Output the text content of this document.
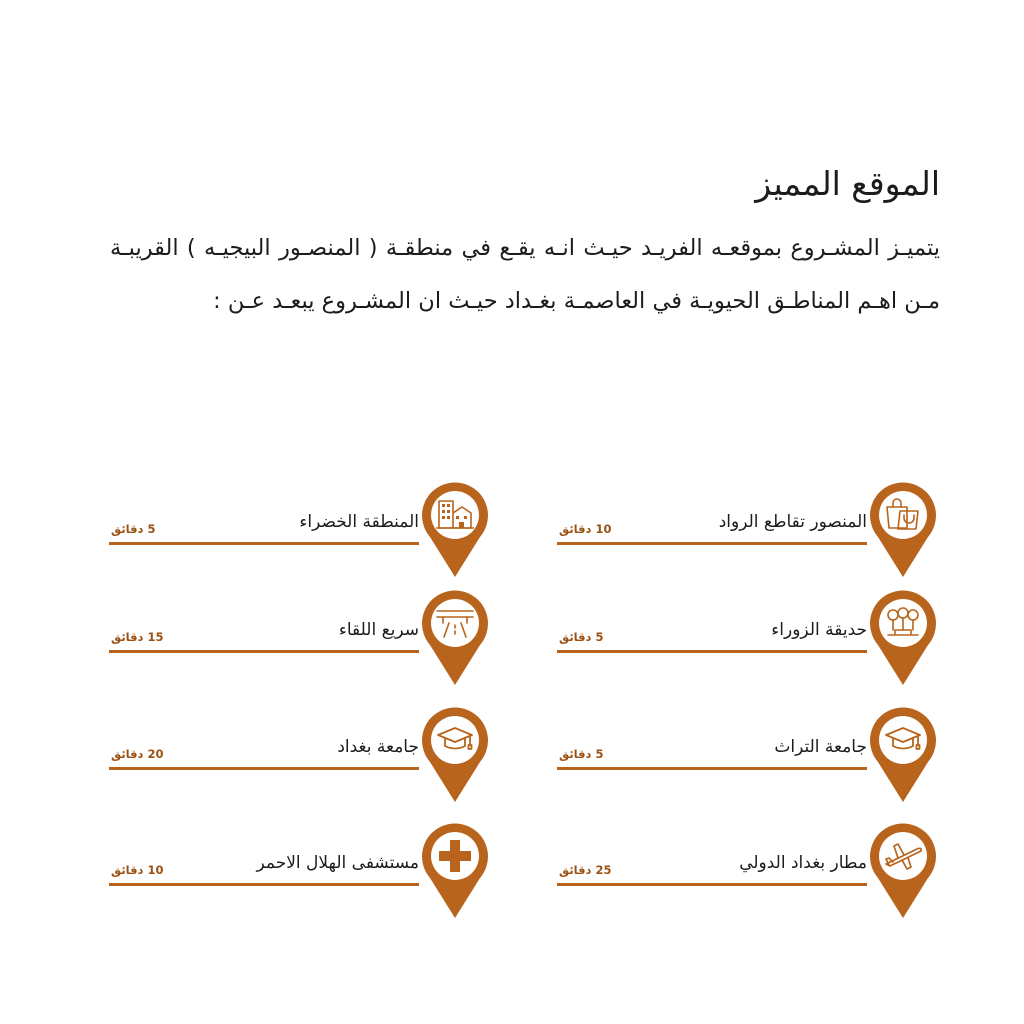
الموقع المميز

يتميـز المشـروع بموقعـه الفريـد حيـث انـه يقـع في منطقـة ( المنصـور البيجيـه ) القريبـة مـن اهـم المناطـق الحيويـة في العاصمـة بغـداد حيـث ان المشـروع يبعـد عـن :

المنصور تقاطع الرواد
10 دقائق
المنطقة الخضراء
5 دقائق
حديقة الزوراء
5 دقائق
سريع اللقاء
15 دقائق
جامعة التراث
5 دقائق
جامعة بغداد
20 دقائق
مطار بغداد الدولي
25 دقائق
مستشفى الهلال الاحمر
10 دقائق
